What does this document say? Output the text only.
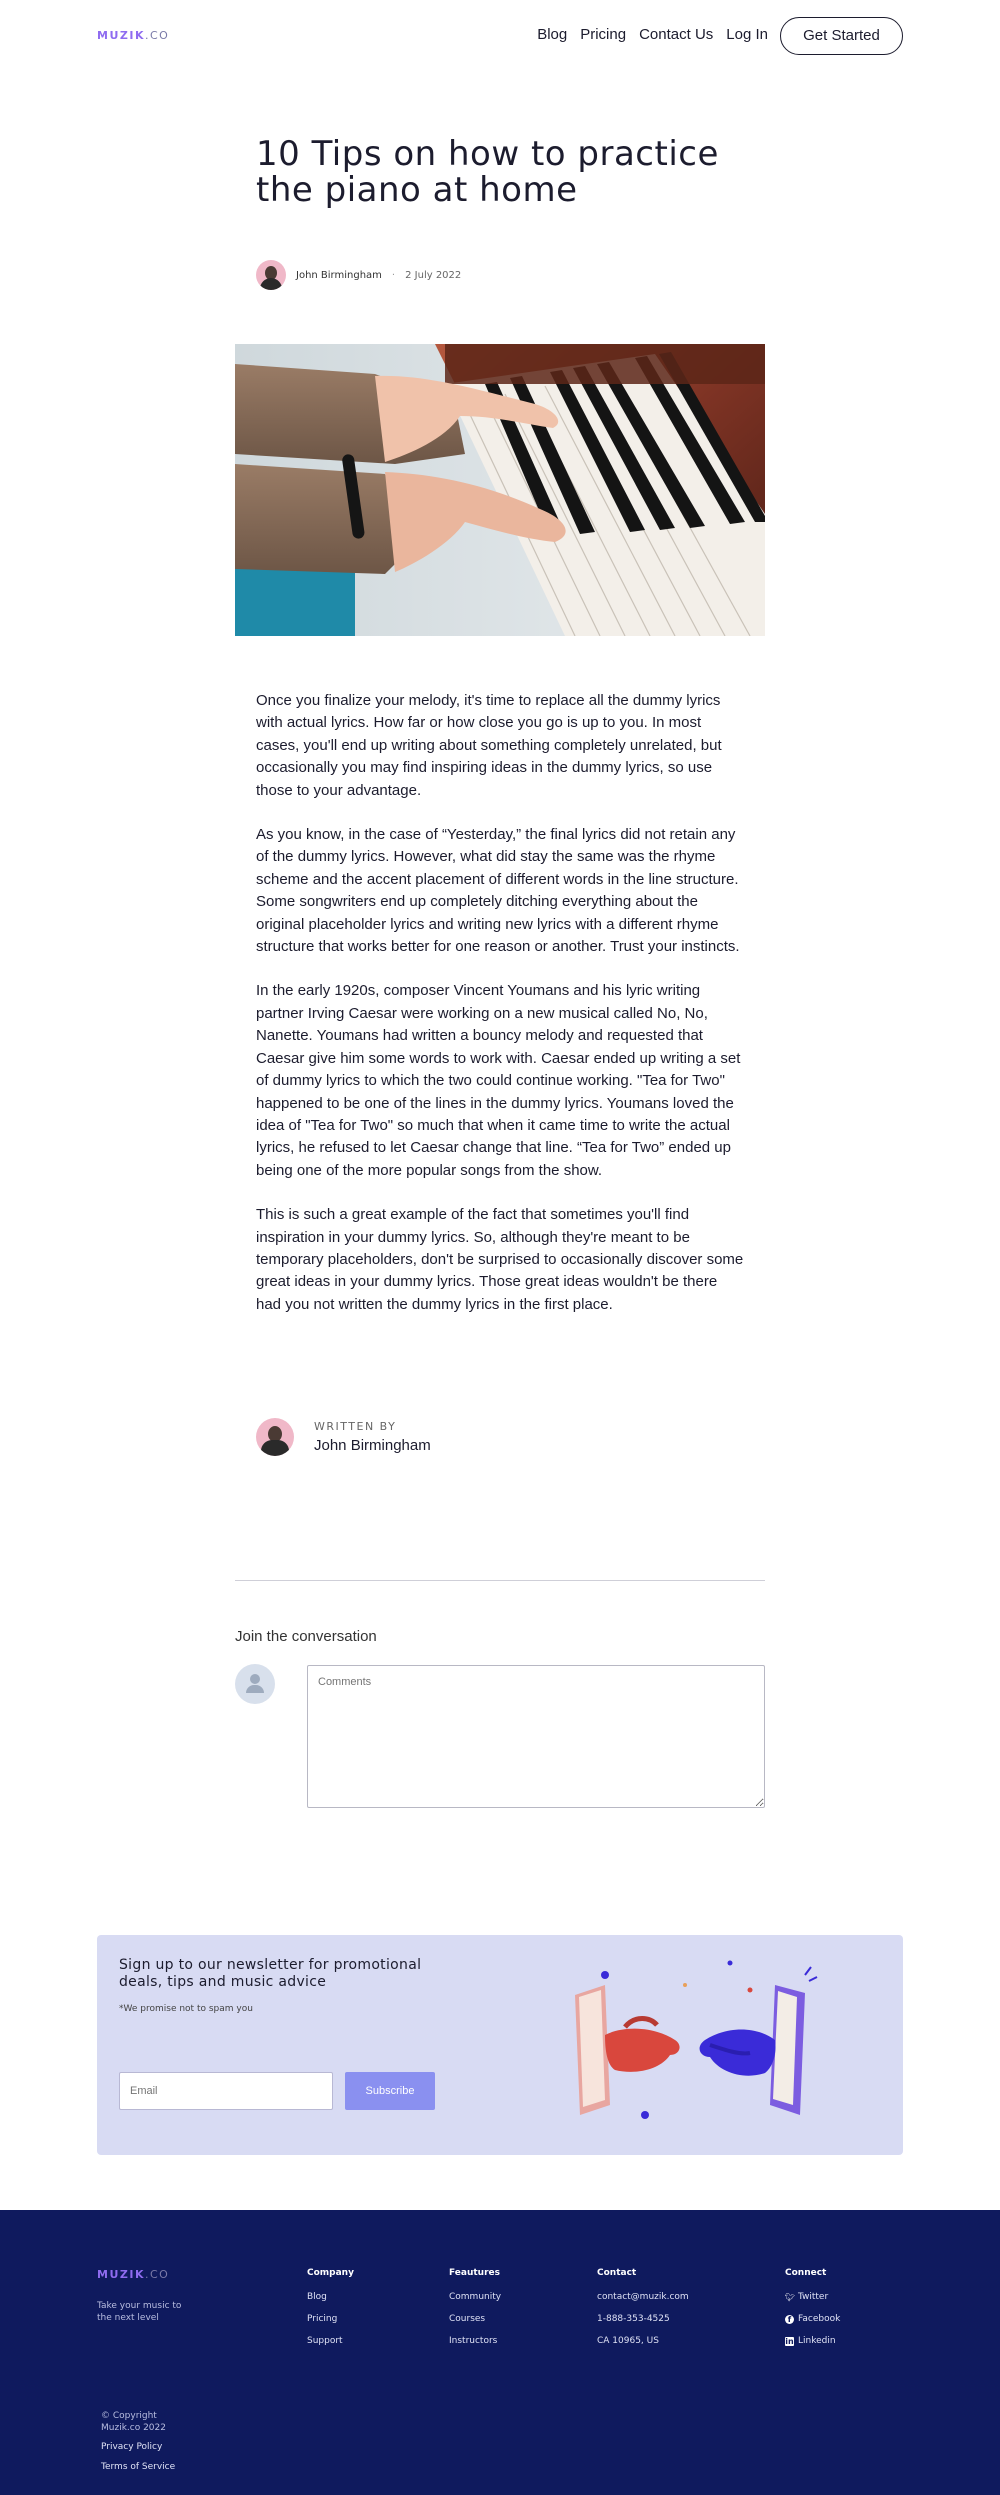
MUZIK.CO	Blog Pricing Contact Us Log In	Get Started
10 Tips on how to practice the piano at home
John Birmingham · 2 July 2022

Once you finalize your melody, it's time to replace all the dummy lyrics with actual lyrics. How far or how close you go is up to you. In most cases, you'll end up writing about something completely unrelated, but occasionally you may find inspiring ideas in the dummy lyrics, so use those to your advantage.

As you know, in the case of “Yesterday,” the final lyrics did not retain any of the dummy lyrics. However, what did stay the same was the rhyme scheme and the accent placement of different words in the line structure. Some songwriters end up completely ditching everything about the original placeholder lyrics and writing new lyrics with a different rhyme structure that works better for one reason or another. Trust your instincts.

In the early 1920s, composer Vincent Youmans and his lyric writing partner Irving Caesar were working on a new musical called No, No, Nanette. Youmans had written a bouncy melody and requested that Caesar give him some words to work with. Caesar ended up writing a set of dummy lyrics to which the two could continue working. "Tea for Two" happened to be one of the lines in the dummy lyrics. Youmans loved the idea of "Tea for Two" so much that when it came time to write the actual lyrics, he refused to let Caesar change that line. “Tea for Two” ended up being one of the more popular songs from the show.

This is such a great example of the fact that sometimes you'll find inspiration in your dummy lyrics. So, although they're meant to be temporary placeholders, don't be surprised to occasionally discover some great ideas in your dummy lyrics. Those great ideas wouldn't be there had you not written the dummy lyrics in the first place.

WRITTEN BY
John Birmingham
Join the conversation
Comments
Sign up to our newsletter for promotional deals, tips and music advice
*We promise not to spam you
Email
Subscribe
MUZIK.CO
Take your music to the next level
Company
Blog
Pricing
Support
Feautures
Community
Courses
Instructors
Contact
contact@muzik.com
1-888-353-4525
CA 10965, US
Connect
🐦︎ Twitter
f Facebook
in Linkedin
© Copyright
Muzik.co 2022
Privacy Policy
Terms of Service
